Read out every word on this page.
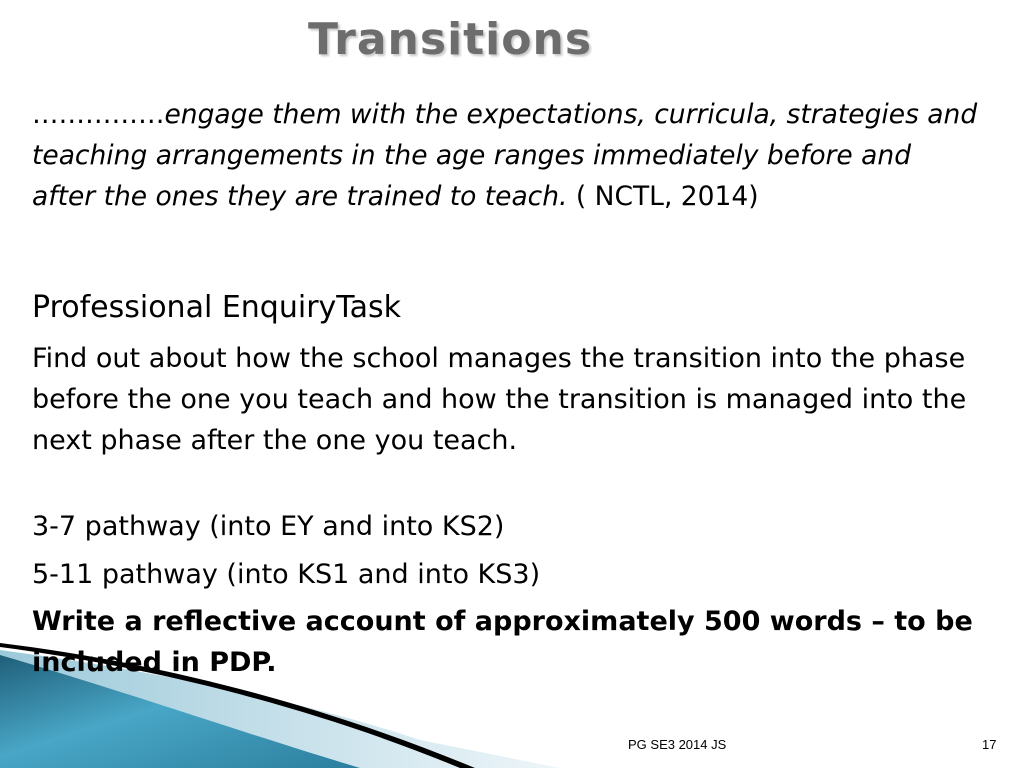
Transitions
……………engage them with the expectations, curricula, strategies and teaching arrangements in the age ranges immediately before and after the ones they are trained to teach. ( NCTL, 2014)
Professional EnquiryTask
Find out about how the school manages the transition into the phase before the one you teach and how the transition is managed into the next phase after the one you teach.
3-7 pathway (into EY and into KS2)
5-11 pathway (into KS1 and into KS3)
Write a reflective account of approximately 500 words – to be included in PDP.
PG SE3 2014 JS	17
